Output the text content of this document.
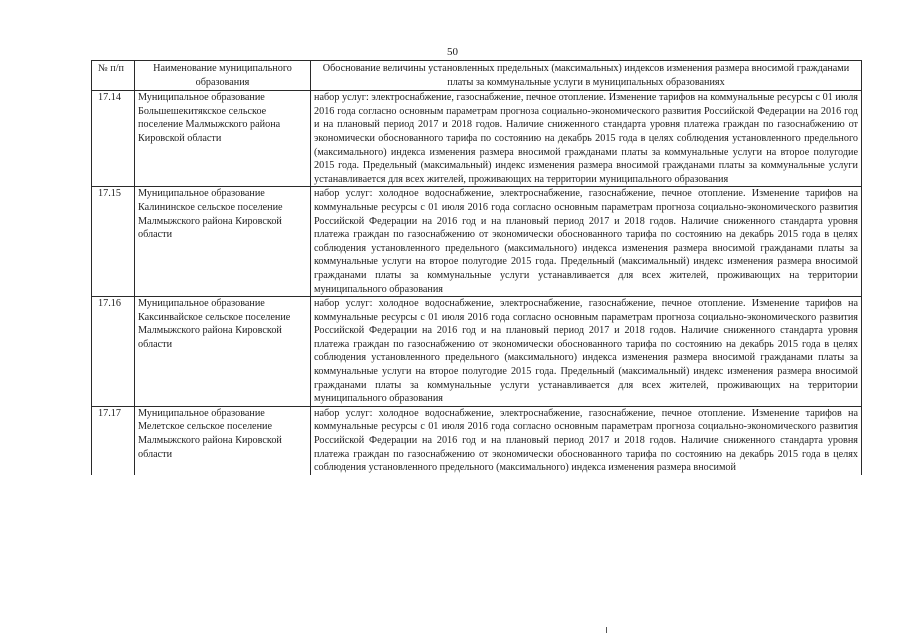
50
№ п/п	Наименование муниципального образования	Обоснование величины установленных предельных (максимальных) индексов изменения размера вносимой гражданами платы за коммунальные услуги в муниципальных образованиях
17.14	Муниципальное образование Большешекитякское сельское поселение Малмыжского района Кировской области	набор услуг: электроснабжение, газоснабжение, печное отопление. Изменение тарифов на коммунальные ресурсы с 01 июля 2016 года согласно основным параметрам прогноза социально-экономического развития Российской Федерации на 2016 год и на плановый период 2017 и 2018 годов. Наличие сниженного стандарта уровня платежа граждан по газоснабжению от экономически обоснованного тарифа по состоянию на декабрь 2015 года в целях соблюдения установленного предельного (максимального) индекса изменения размера вносимой гражданами платы за коммунальные услуги на второе полугодие 2015 года. Предельный (максимальный) индекс изменения размера вносимой гражданами платы за коммунальные услуги устанавливается для всех жителей, проживающих на территории муниципального образования
17.15	Муниципальное образование Калининское сельское поселение Малмыжского района Кировской области	набор услуг: холодное водоснабжение, электроснабжение, газоснабжение, печное отопление. Изменение тарифов на коммунальные ресурсы с 01 июля 2016 года согласно основным параметрам прогноза социально-экономического развития Российской Федерации на 2016 год и на плановый период 2017 и 2018 годов. Наличие сниженного стандарта уровня платежа граждан по газоснабжению от экономически обоснованного тарифа по состоянию на декабрь 2015 года в целях соблюдения установленного предельного (максимального) индекса изменения размера вносимой гражданами платы за коммунальные услуги на второе полугодие 2015 года. Предельный (максимальный) индекс изменения размера вносимой гражданами платы за коммунальные услуги устанавливается для всех жителей, проживающих на территории муниципального образования
17.16	Муниципальное образование Каксинвайское сельское поселение Малмыжского района Кировской области	набор услуг: холодное водоснабжение, электроснабжение, газоснабжение, печное отопление. Изменение тарифов на коммунальные ресурсы с 01 июля 2016 года согласно основным параметрам прогноза социально-экономического развития Российской Федерации на 2016 год и на плановый период 2017 и 2018 годов. Наличие сниженного стандарта уровня платежа граждан по газоснабжению от экономически обоснованного тарифа по состоянию на декабрь 2015 года в целях соблюдения установленного предельного (максимального) индекса изменения размера вносимой гражданами платы за коммунальные услуги на второе полугодие 2015 года. Предельный (максимальный) индекс изменения размера вносимой гражданами платы за коммунальные услуги устанавливается для всех жителей, проживающих на территории муниципального образования
17.17	Муниципальное образование Мелетское сельское поселение Малмыжского района Кировской области	набор услуг: холодное водоснабжение, электроснабжение, газоснабжение, печное отопление. Изменение тарифов на коммунальные ресурсы с 01 июля 2016 года согласно основным параметрам прогноза социально-экономического развития Российской Федерации на 2016 год и на плановый период 2017 и 2018 годов. Наличие сниженного стандарта уровня платежа граждан по газоснабжению от экономически обоснованного тарифа по состоянию на декабрь 2015 года в целях соблюдения установленного предельного (максимального) индекса изменения размера вносимой
